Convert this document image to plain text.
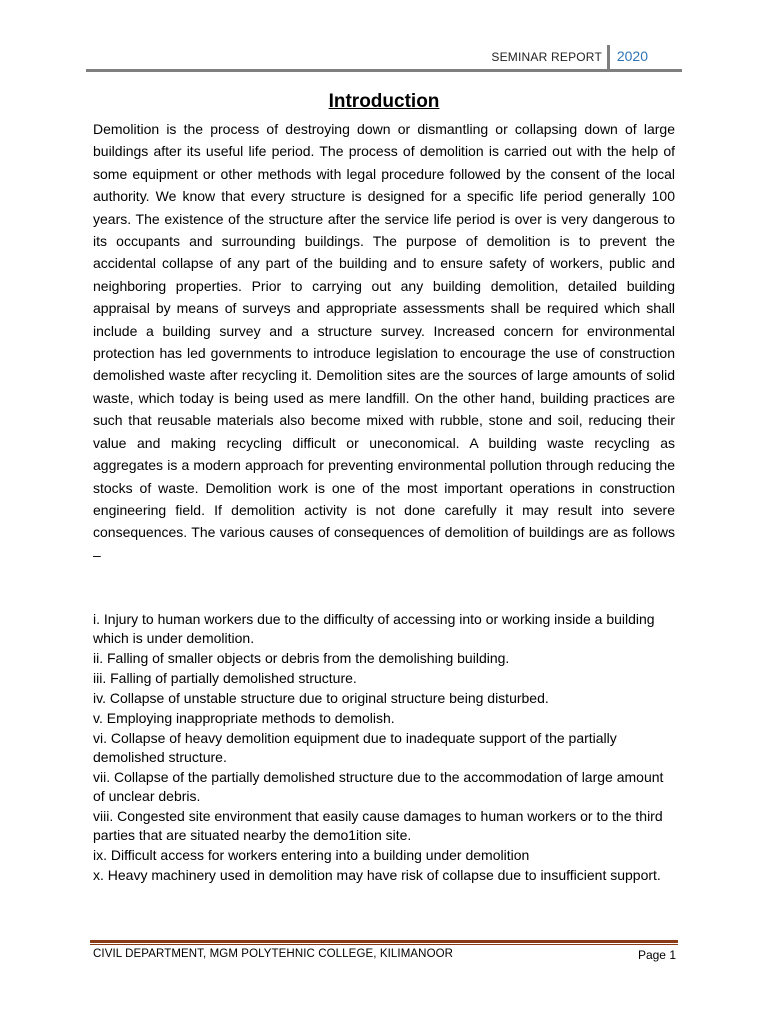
SEMINAR REPORT 2020
Introduction
Demolition is the process of destroying down or dismantling or collapsing down of large buildings after its useful life period. The process of demolition is carried out with the help of some equipment or other methods with legal procedure followed by the consent of the local authority. We know that every structure is designed for a specific life period generally 100 years. The existence of the structure after the service life period is over is very dangerous to its occupants and surrounding buildings. The purpose of demolition is to prevent the accidental collapse of any part of the building and to ensure safety of workers, public and neighboring properties. Prior to carrying out any building demolition, detailed building appraisal by means of surveys and appropriate assessments shall be required which shall include a building survey and a structure survey. Increased concern for environmental protection has led governments to introduce legislation to encourage the use of construction demolished waste after recycling it. Demolition sites are the sources of large amounts of solid waste, which today is being used as mere landfill. On the other hand, building practices are such that reusable materials also become mixed with rubble, stone and soil, reducing their value and making recycling difficult or uneconomical. A building waste recycling as aggregates is a modern approach for preventing environmental pollution through reducing the stocks of waste. Demolition work is one of the most important operations in construction engineering field. If demolition activity is not done carefully it may result into severe consequences. The various causes of consequences of demolition of buildings are as follows –
i. Injury to human workers due to the difficulty of accessing into or working inside a building which is under demolition.
ii. Falling of smaller objects or debris from the demolishing building.
iii. Falling of partially demolished structure.
iv. Collapse of unstable structure due to original structure being disturbed.
v. Employing inappropriate methods to demolish.
vi. Collapse of heavy demolition equipment due to inadequate support of the partially demolished structure.
vii. Collapse of the partially demolished structure due to the accommodation of large amount of unclear debris.
viii. Congested site environment that easily cause damages to human workers or to the third parties that are situated nearby the demo1ition site.
ix. Difficult access for workers entering into a building under demolition
x. Heavy machinery used in demolition may have risk of collapse due to insufficient support.
CIVIL DEPARTMENT, MGM POLYTEHNIC COLLEGE, KILIMANOOR	Page 1
